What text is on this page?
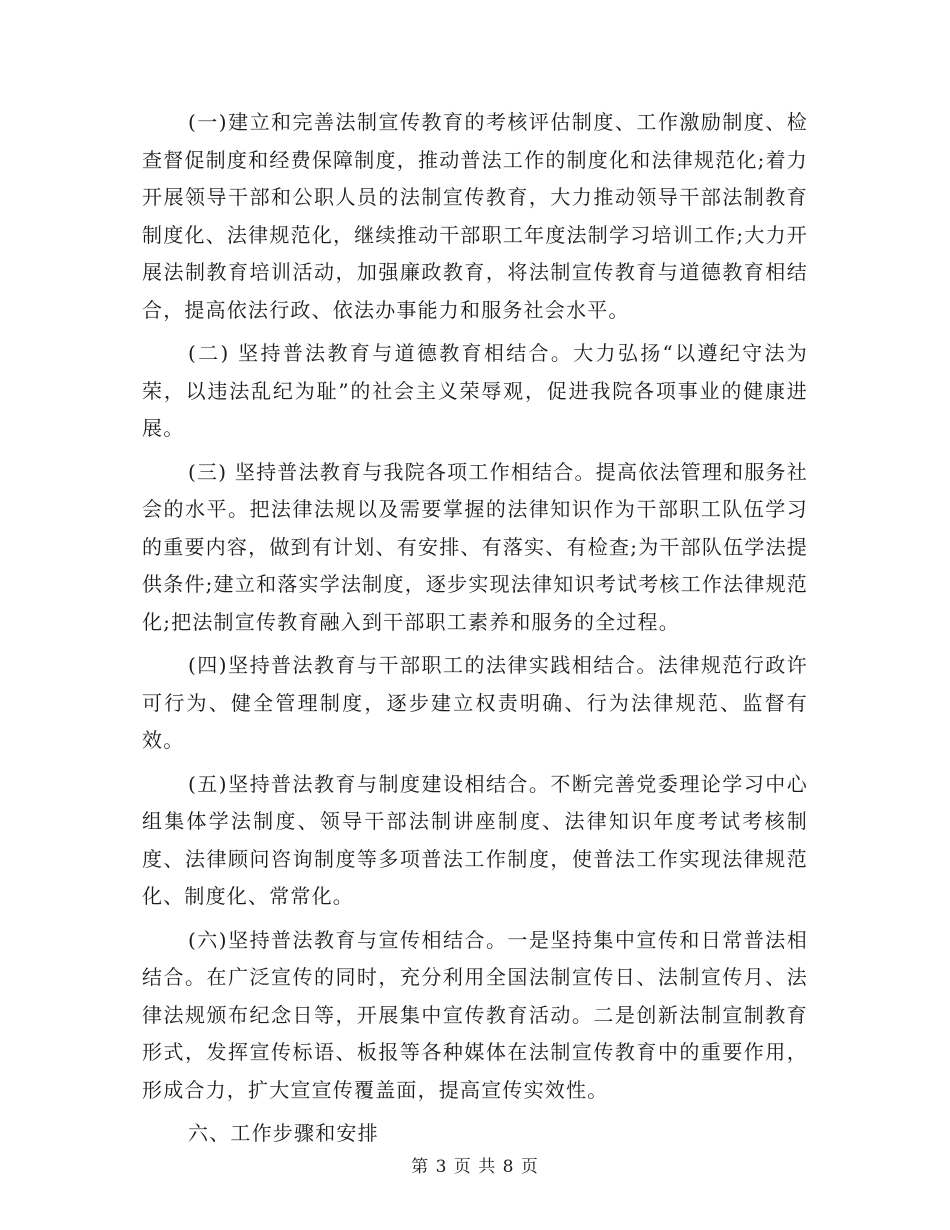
(一)建立和完善法制宣传教育的考核评估制度、工作激励制度、检查督促制度和经费保障制度，推动普法工作的制度化和法律规范化;着力开展领导干部和公职人员的法制宣传教育，大力推动领导干部法制教育制度化、法律规范化，继续推动干部职工年度法制学习培训工作;大力开展法制教育培训活动，加强廉政教育，将法制宣传教育与道德教育相结合，提高依法行政、依法办事能力和服务社会水平。

(二) 坚持普法教育与道德教育相结合。大力弘扬“以遵纪守法为荣，以违法乱纪为耻”的社会主义荣辱观，促进我院各项事业的健康进展。

(三) 坚持普法教育与我院各项工作相结合。提高依法管理和服务社会的水平。把法律法规以及需要掌握的法律知识作为干部职工队伍学习的重要内容，做到有计划、有安排、有落实、有检查;为干部队伍学法提供条件;建立和落实学法制度，逐步实现法律知识考试考核工作法律规范化;把法制宣传教育融入到干部职工素养和服务的全过程。

(四)坚持普法教育与干部职工的法律实践相结合。法律规范行政许可行为、健全管理制度，逐步建立权责明确、行为法律规范、监督有效。

(五)坚持普法教育与制度建设相结合。不断完善党委理论学习中心组集体学法制度、领导干部法制讲座制度、法律知识年度考试考核制度、法律顾问咨询制度等多项普法工作制度，使普法工作实现法律规范化、制度化、常常化。

(六)坚持普法教育与宣传相结合。一是坚持集中宣传和日常普法相结合。在广泛宣传的同时，充分利用全国法制宣传日、法制宣传月、法律法规颁布纪念日等，开展集中宣传教育活动。二是创新法制宣制教育形式，发挥宣传标语、板报等各种媒体在法制宣传教育中的重要作用，形成合力，扩大宣宣传覆盖面，提高宣传实效性。

六、工作步骤和安排

第 3 页 共 8 页
